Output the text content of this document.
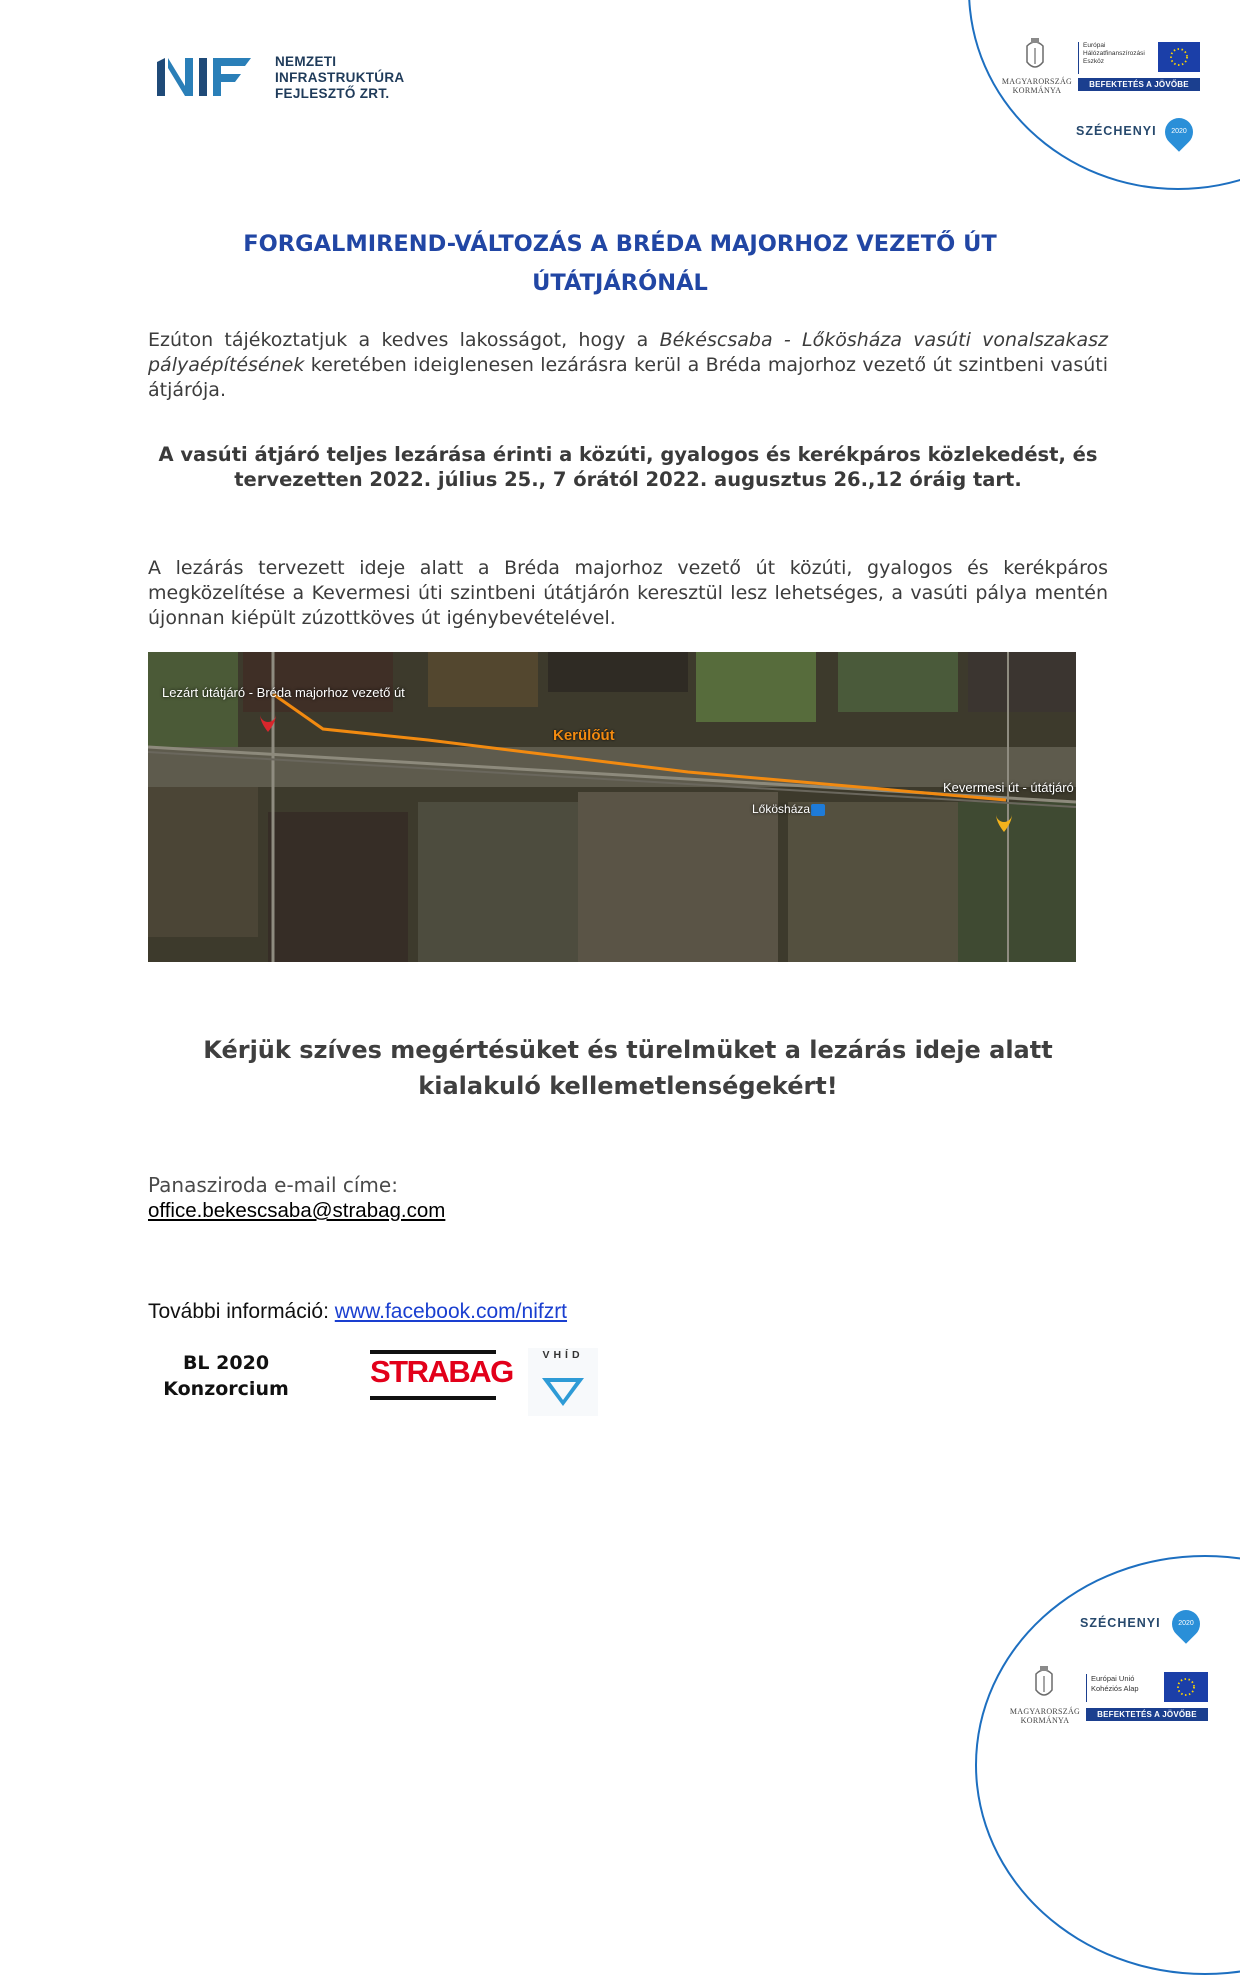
NEMZETI
INFRASTRUKTÚRA
FEJLESZTŐ ZRT.
MAGYARORSZÁG
KORMÁNYA
Európai
Hálózatfinanszírozási
Eszköz
BEFEKTETÉS A JÖVŐBE
SZÉCHENYI	2020
FORGALMIREND-VÁLTOZÁS A BRÉDA MAJORHOZ VEZETŐ ÚT
ÚTÁTJÁRÓNÁL
Ezúton tájékoztatjuk a kedves lakosságot, hogy a Békéscsaba - Lőkösháza vasúti vonalszakasz pályaépítésének keretében ideiglenesen lezárásra kerül a Bréda majorhoz vezető út szintbeni vasúti átjárója.
A vasúti átjáró teljes lezárása érinti a közúti, gyalogos és kerékpáros közlekedést, és tervezetten 2022. július 25., 7 órától 2022. augusztus 26.,12 óráig tart.
A lezárás tervezett ideje alatt a Bréda majorhoz vezető út közúti, gyalogos és kerékpáros megközelítése a Kevermesi úti szintbeni útátjárón keresztül lesz lehetséges, a vasúti pálya mentén újonnan kiépült zúzottköves út igénybevételével.
Lezárt útátjáró - Bréda majorhoz vezető út
Kerülőút
Kevermesi út - útátjáró
Lőkösháza
Kérjük szíves megértésüket és türelmüket a lezárás ideje alatt kialakuló kellemetlenségekért!
Panasziroda e-mail címe:
office.bekescsaba@strabag.com
További információ: www.facebook.com/nifzrt
BL 2020
Konzorcium	STRABAG	VHÍD
SZÉCHENYI	2020
MAGYARORSZÁG
KORMÁNYA
Európai Unió
Kohéziós Alap
BEFEKTETÉS A JÖVŐBE
